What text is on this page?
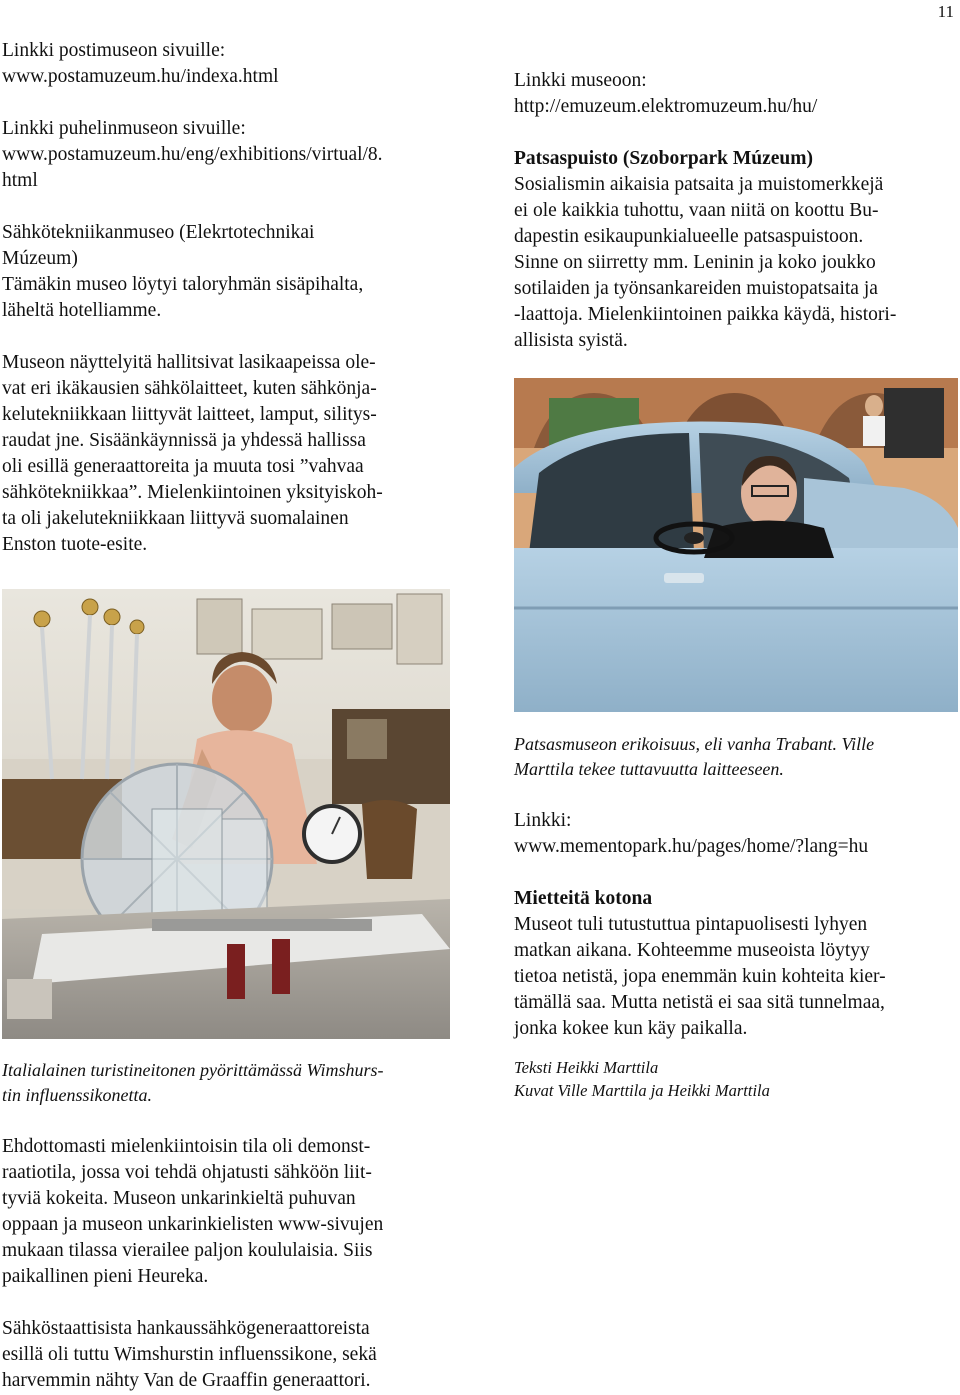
11

Linkki postimuseon sivuille:

www.postamuzeum.hu/indexa.html

Linkki puhelinmuseon sivuille:

www.postamuzeum.hu/eng/exhibitions/virtual/8.

html

Sähkötekniikanmuseo (Elekrtotechnikai

Múzeum)

Tämäkin museo löytyi taloryhmän sisäpihalta,

läheltä hotelliamme.

Museon näyttelyitä hallitsivat lasikaapeissa ole-

vat eri ikäkausien sähkölaitteet, kuten sähkönja-

kelutekniikkaan liittyvät laitteet, lamput, silitys-

raudat jne. Sisäänkäynnissä ja yhdessä hallissa

oli esillä generaattoreita ja muuta tosi ”vahvaa

sähkötekniikkaa”. Mielenkiintoinen yksityiskoh-

ta oli jakelutekniikkaan liittyvä suomalainen

Enston tuote-esite.

Italialainen turistineitonen pyörittämässä Wimshurs-

tin influenssikonetta.

Ehdottomasti mielenkiintoisin tila oli demonst-

raatiotila, jossa voi tehdä ohjatusti sähköön liit-

tyviä kokeita. Museon unkarinkieltä puhuvan

oppaan ja museon unkarinkielisten www-sivujen

mukaan tilassa vierailee paljon koululaisia. Siis

paikallinen pieni Heureka.

Sähköstaattisista hankaussähkögeneraattoreista

esillä oli tuttu Wimshurstin influenssikone, sekä

harvemmin nähty Van de Graaffin generaattori.

Linkki museoon:

http://emuzeum.elektromuzeum.hu/hu/

Patsaspuisto (Szoborpark Múzeum)

Sosialismin aikaisia patsaita ja muistomerkkejä

ei ole kaikkia tuhottu, vaan niitä on koottu Bu-

dapestin esikaupunkialueelle patsaspuistoon.

Sinne on siirretty mm. Leninin ja koko joukko

sotilaiden ja työnsankareiden muistopatsaita ja

-laattoja. Mielenkiintoinen paikka käydä, histori-

allisista syistä.

Patsasmuseon erikoisuus, eli vanha Trabant. Ville

Marttila tekee tuttavuutta laitteeseen.

Linkki:

www.mementopark.hu/pages/home/?lang=hu

Mietteitä kotona

Museot tuli tutustuttua pintapuolisesti lyhyen

matkan aikana. Kohteemme museoista löytyy

tietoa netistä, jopa enemmän kuin kohteita kier-

tämällä saa. Mutta netistä ei saa sitä tunnelmaa,

jonka kokee kun käy paikalla.

Teksti Heikki Marttila

Kuvat Ville Marttila ja Heikki Marttila
